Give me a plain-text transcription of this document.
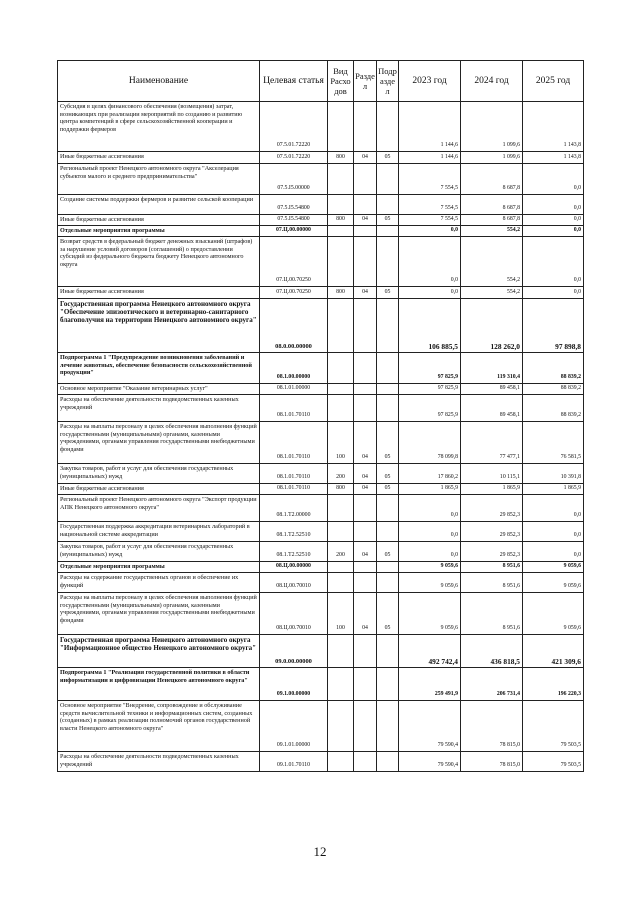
Наименование	Целевая статья	Вид Расходов	Раздел	Подраздел	2023 год	2024 год	2025 год
Субсидия в целях финансового обеспечения (возмещения) затрат, возникающих при реализации мероприятий по созданию и развитию центра компетенций в сфере сельскохозяйственной кооперации и поддержки фермеров	07.5.01.72220				1 144,6	1 099,6	1 143,8
Иные бюджетные ассигнования	07.5.01.72220	800	04	05	1 144,6	1 099,6	1 143,8
Региональный проект Ненецкого автономного округа "Акселерация субъектов малого и среднего предпринимательства"	07.5.I5.00000				7 554,5	8 687,8	0,0
Создание системы поддержки фермеров и развитие сельской кооперации	07.5.I5.54800				7 554,5	8 687,8	0,0
Иные бюджетные ассигнования	07.5.I5.54800	800	04	05	7 554,5	8 687,8	0,0
Отдельные мероприятия программы	07.Ц.00.00000				0,0	554,2	0,0
Возврат средств в федеральный бюджет денежных взысканий (штрафов) за нарушение условий договоров (соглашений) о предоставлении субсидий из федерального бюджета бюджету Ненецкого автономного округа	07.Ц.00.70250				0,0	554,2	0,0
Иные бюджетные ассигнования	07.Ц.00.70250	800	04	05	0,0	554,2	0,0
Государственная программа Ненецкого автономного округа "Обеспечение эпизоотического и ветеринарно-санитарного благополучия на территории Ненецкого автономного округа"	08.0.00.00000				106 885,5	128 262,0	97 898,8
Подпрограмма 1 "Предупреждение возникновения заболеваний и лечение животных, обеспечение безопасности сельскохозяйственной продукции"	08.1.00.00000				97 825,9	119 310,4	88 839,2
Основное мероприятие "Оказание ветеринарных услуг"	08.1.01.00000				97 825,9	89 458,1	88 839,2
Расходы на обеспечение деятельности подведомственных казенных учреждений	08.1.01.70110				97 825,9	89 458,1	88 839,2
Расходы на выплаты персоналу в целях обеспечения выполнения функций государственными (муниципальными) органами, казенными учреждениями, органами управления государственными внебюджетными фондами	08.1.01.70110	100	04	05	78 099,8	77 477,1	76 581,5
Закупка товаров, работ и услуг для обеспечения государственных (муниципальных) нужд	08.1.01.70110	200	04	05	17 860,2	10 115,1	10 391,8
Иные бюджетные ассигнования	08.1.01.70110	800	04	05	1 865,9	1 865,9	1 865,9
Региональный проект Ненецкого автономного округа "Экспорт продукции АПК Ненецкого автономного округа"	08.1.T2.00000				0,0	29 852,3	0,0
Государственная поддержка аккредитации ветеринарных лабораторий в национальной системе аккредитации	08.1.T2.52510				0,0	29 852,3	0,0
Закупка товаров, работ и услуг для обеспечения государственных (муниципальных) нужд	08.1.T2.52510	200	04	05	0,0	29 852,3	0,0
Отдельные мероприятия программы	08.Ц.00.00000				9 059,6	8 951,6	9 059,6
Расходы на содержание государственных органов и обеспечение их функций	08.Ц.00.70010				9 059,6	8 951,6	9 059,6
Расходы на выплаты персоналу в целях обеспечения выполнения функций государственными (муниципальными) органами, казенными учреждениями, органами управления государственными внебюджетными фондами	08.Ц.00.70010	100	04	05	9 059,6	8 951,6	9 059,6
Государственная программа Ненецкого автономного округа "Информационное общество Ненецкого автономного округа"	09.0.00.00000				492 742,4	436 818,5	421 309,6
Подпрограмма 1 "Реализация государственной политики в области информатизации и цифровизации Ненецкого автономного округа"	09.1.00.00000				259 491,9	206 731,4	196 220,3
Основное мероприятие "Внедрение, сопровождение и обслуживание средств вычислительной техники и информационных систем, созданных (созданных) в рамках реализации полномочий органов государственной власти Ненецкого автономного округа"	09.1.01.00000				79 590,4	78 815,0	79 503,5
Расходы на обеспечение деятельности подведомственных казенных учреждений	09.1.01.70110				79 590,4	78 815,0	79 503,5
12
